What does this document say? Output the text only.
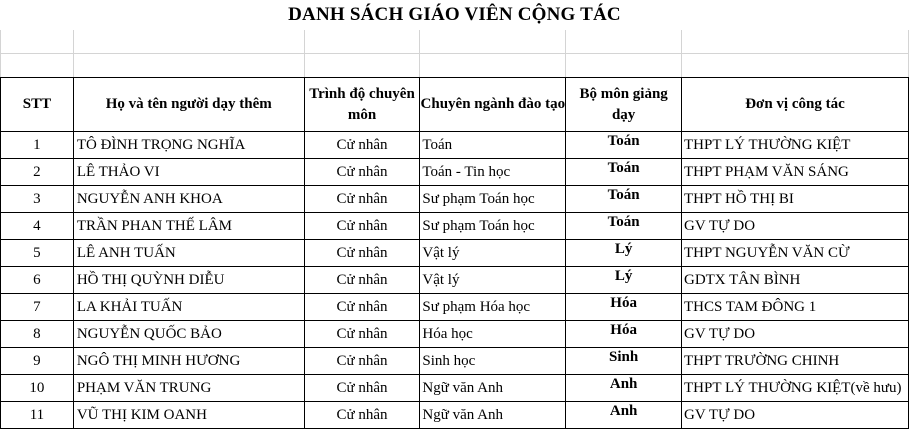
DANH SÁCH GIÁO VIÊN CỘNG TÁC					

STT	Họ và tên người dạy thêm	Trình độ chuyên môn	Chuyên ngành đào tạo	Bộ môn giảng dạy	Đơn vị công tác
1	TÔ ĐÌNH TRỌNG NGHĨA	Cử nhân	Toán	Toán	THPT LÝ THƯỜNG KIỆT
2	LÊ THẢO VI	Cử nhân	Toán - Tin học	Toán	THPT PHẠM VĂN SÁNG
3	NGUYỄN ANH KHOA	Cử nhân	Sư phạm Toán học	Toán	THPT HỒ THỊ BI
4	TRẦN PHAN THẾ LÂM	Cử nhân	Sư phạm Toán học	Toán	GV TỰ DO
5	LÊ ANH TUẤN	Cử nhân	Vật lý	Lý	THPT NGUYỄN VĂN CỪ
6	HỒ THỊ QUỲNH DIỄU	Cử nhân	Vật lý	Lý	GDTX TÂN BÌNH
7	LA KHẢI TUẤN	Cử nhân	Sư phạm Hóa học	Hóa	THCS TAM ĐÔNG 1
8	NGUYỄN QUỐC BẢO	Cử nhân	Hóa học	Hóa	GV TỰ DO
9	NGÔ THỊ MINH HƯƠNG	Cử nhân	Sinh học	Sinh	THPT TRƯỜNG CHINH
10	PHẠM VĂN TRUNG	Cử nhân	Ngữ văn Anh	Anh	THPT LÝ THƯỜNG KIỆT(về hưu)
11	VŨ THỊ KIM OANH	Cử nhân	Ngữ văn Anh	Anh	GV TỰ DO
